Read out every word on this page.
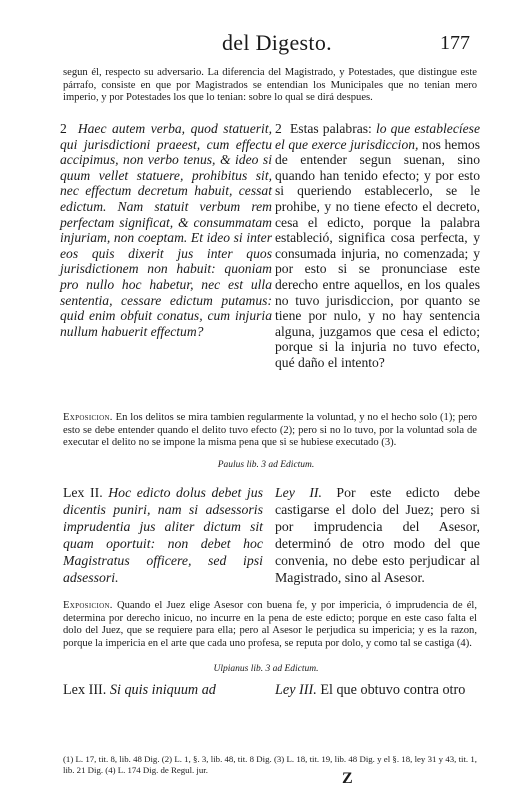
del Digesto.	177
segun él, respecto su adversario. La diferencia del Magistrado, y Potestades, que distingue este párrafo, consiste en que por Magistrados se entendian los Municipales que no tenian mero imperio, y por Potestades los que lo tenian: sobre lo qual se dirá despues.
2 Haec autem verba, quod statuerit, qui jurisdictioni praeest, cum effectu accipimus, non verbo tenus, & ideo si quum vellet statuere, prohibitus sit, nec effectum decretum habuit, cessat edictum. Nam statuit verbum rem perfectam significat, & consummatam injuriam, non coeptam. Et ideo si inter eos quis dixerit jus inter quos jurisdictionem non habuit: quoniam pro nullo hoc habetur, nec est ulla sententia, cessare edictum putamus: quid enim obfuit conatus, cum injuria nullum habuerit effectum?
2 Estas palabras: lo que establecíese el que exerce jurisdiccion, nos hemos de entender segun suenan, sino quando han tenido efecto; y por esto si queriendo establecerlo, se le prohibe, y no tiene efecto el decreto, cesa el edicto, porque la palabra estableció, significa cosa perfecta, y consumada injuria, no comenzada; y por esto si se pronunciase este derecho entre aquellos, en los quales no tuvo jurisdiccion, por quanto se tiene por nulo, y no hay sentencia alguna, juzgamos que cesa el edicto; porque si la injuria no tuvo efecto, qué daño el intento?
Exposicion. En los delitos se mira tambien regularmente la voluntad, y no el hecho solo (1); pero esto se debe entender quando el delito tuvo efecto (2); pero si no lo tuvo, por la voluntad sola de executar el delito no se impone la misma pena que si se hubiese executado (3).
Paulus lib. 3 ad Edictum.
Lex II. Hoc edicto dolus debet jus dicentis puniri, nam si adsessoris imprudentia jus aliter dictum sit quam oportuit: non debet hoc Magistratus officere, sed ipsi adsessori.
Ley II. Por este edicto debe castigarse el dolo del Juez; pero si por imprudencia del Asesor, determinó de otro modo del que convenia, no debe esto perjudicar al Magistrado, sino al Asesor.
Exposicion. Quando el Juez elige Asesor con buena fe, y por impericia, ó imprudencia de él, determina por derecho inicuo, no incurre en la pena de este edicto; porque en este caso falta el dolo del Juez, que se requiere para ella; pero al Asesor le perjudica su impericia; y es la razon, porque la impericia en el arte que cada uno profesa, se reputa por dolo, y como tal se castiga (4).
Ulpianus lib. 3 ad Edictum.
Lex III. Si quis iniquum ad	Ley III. El que obtuvo contra otro
(1) L. 17, tit. 8, lib. 48 Dig. (2) L. 1, §. 3, lib. 48, tit. 8 Dig. (3) L. 18, tit. 19, lib. 48 Dig. y el §. 18, ley 31 y 43, tit. 1, lib. 21 Dig. (4) L. 174 Dig. de Regul. jur.
Z
